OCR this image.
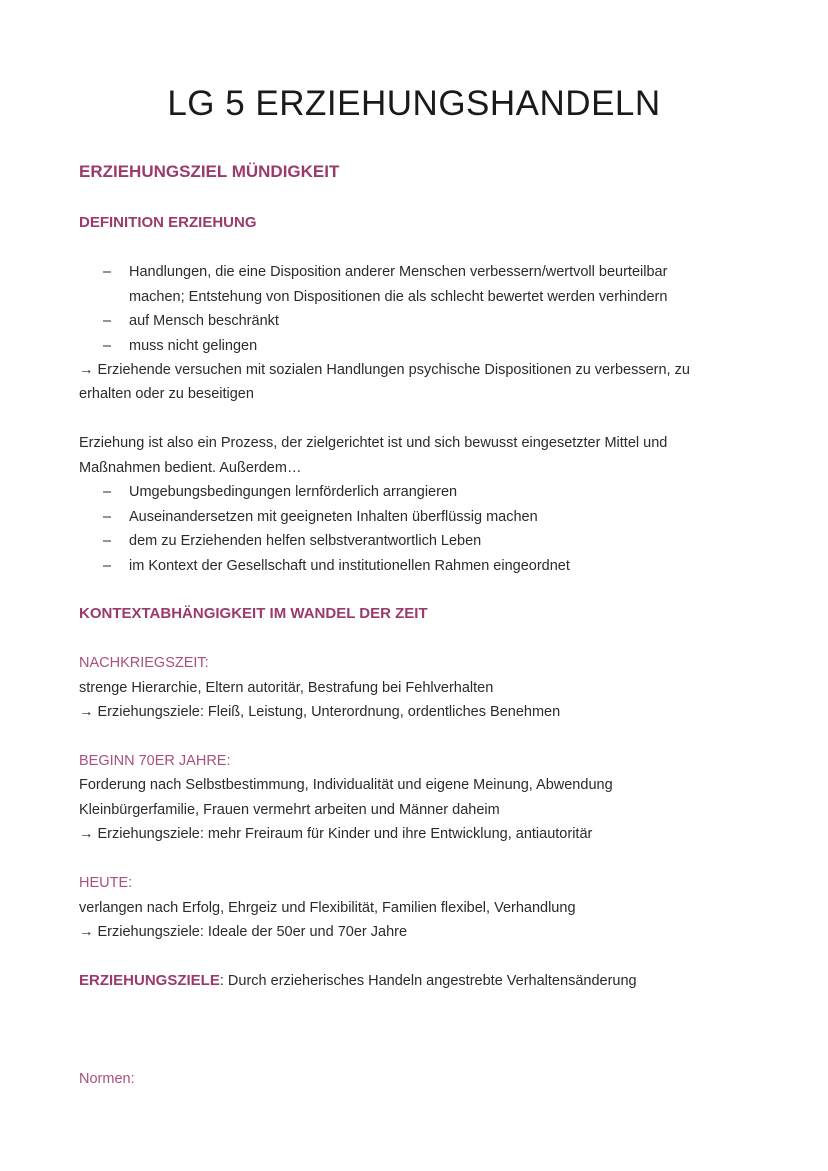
LG 5 ERZIEHUNGSHANDELN
ERZIEHUNGSZIEL MÜNDIGKEIT
DEFINITION ERZIEHUNG
– Handlungen, die eine Disposition anderer Menschen verbessern/wertvoll beurteilbar
machen; Entstehung von Dispositionen die als schlecht bewertet werden verhindern
– auf Mensch beschränkt
– muss nicht gelingen
→ Erziehende versuchen mit sozialen Handlungen psychische Dispositionen zu verbessern, zu
erhalten oder zu beseitigen
Erziehung ist also ein Prozess, der zielgerichtet ist und sich bewusst eingesetzter Mittel und
Maßnahmen bedient. Außerdem…
– Umgebungsbedingungen lernförderlich arrangieren
– Auseinandersetzen mit geeigneten Inhalten überflüssig machen
– dem zu Erziehenden helfen selbstverantwortlich Leben
– im Kontext der Gesellschaft und institutionellen Rahmen eingeordnet
KONTEXTABHÄNGIGKEIT IM WANDEL DER ZEIT
NACHKRIEGSZEIT:
strenge Hierarchie, Eltern autoritär, Bestrafung bei Fehlverhalten
→ Erziehungsziele: Fleiß, Leistung, Unterordnung, ordentliches Benehmen
BEGINN 70ER JAHRE:
Forderung nach Selbstbestimmung, Individualität und eigene Meinung, Abwendung
Kleinbürgerfamilie, Frauen vermehrt arbeiten und Männer daheim
→ Erziehungsziele: mehr Freiraum für Kinder und ihre Entwicklung, antiautoritär
HEUTE:
verlangen nach Erfolg, Ehrgeiz und Flexibilität, Familien flexibel, Verhandlung
→ Erziehungsziele: Ideale der 50er und 70er Jahre
ERZIEHUNGSZIELE: Durch erzieherisches Handeln angestrebte Verhaltensänderung
Normen:
